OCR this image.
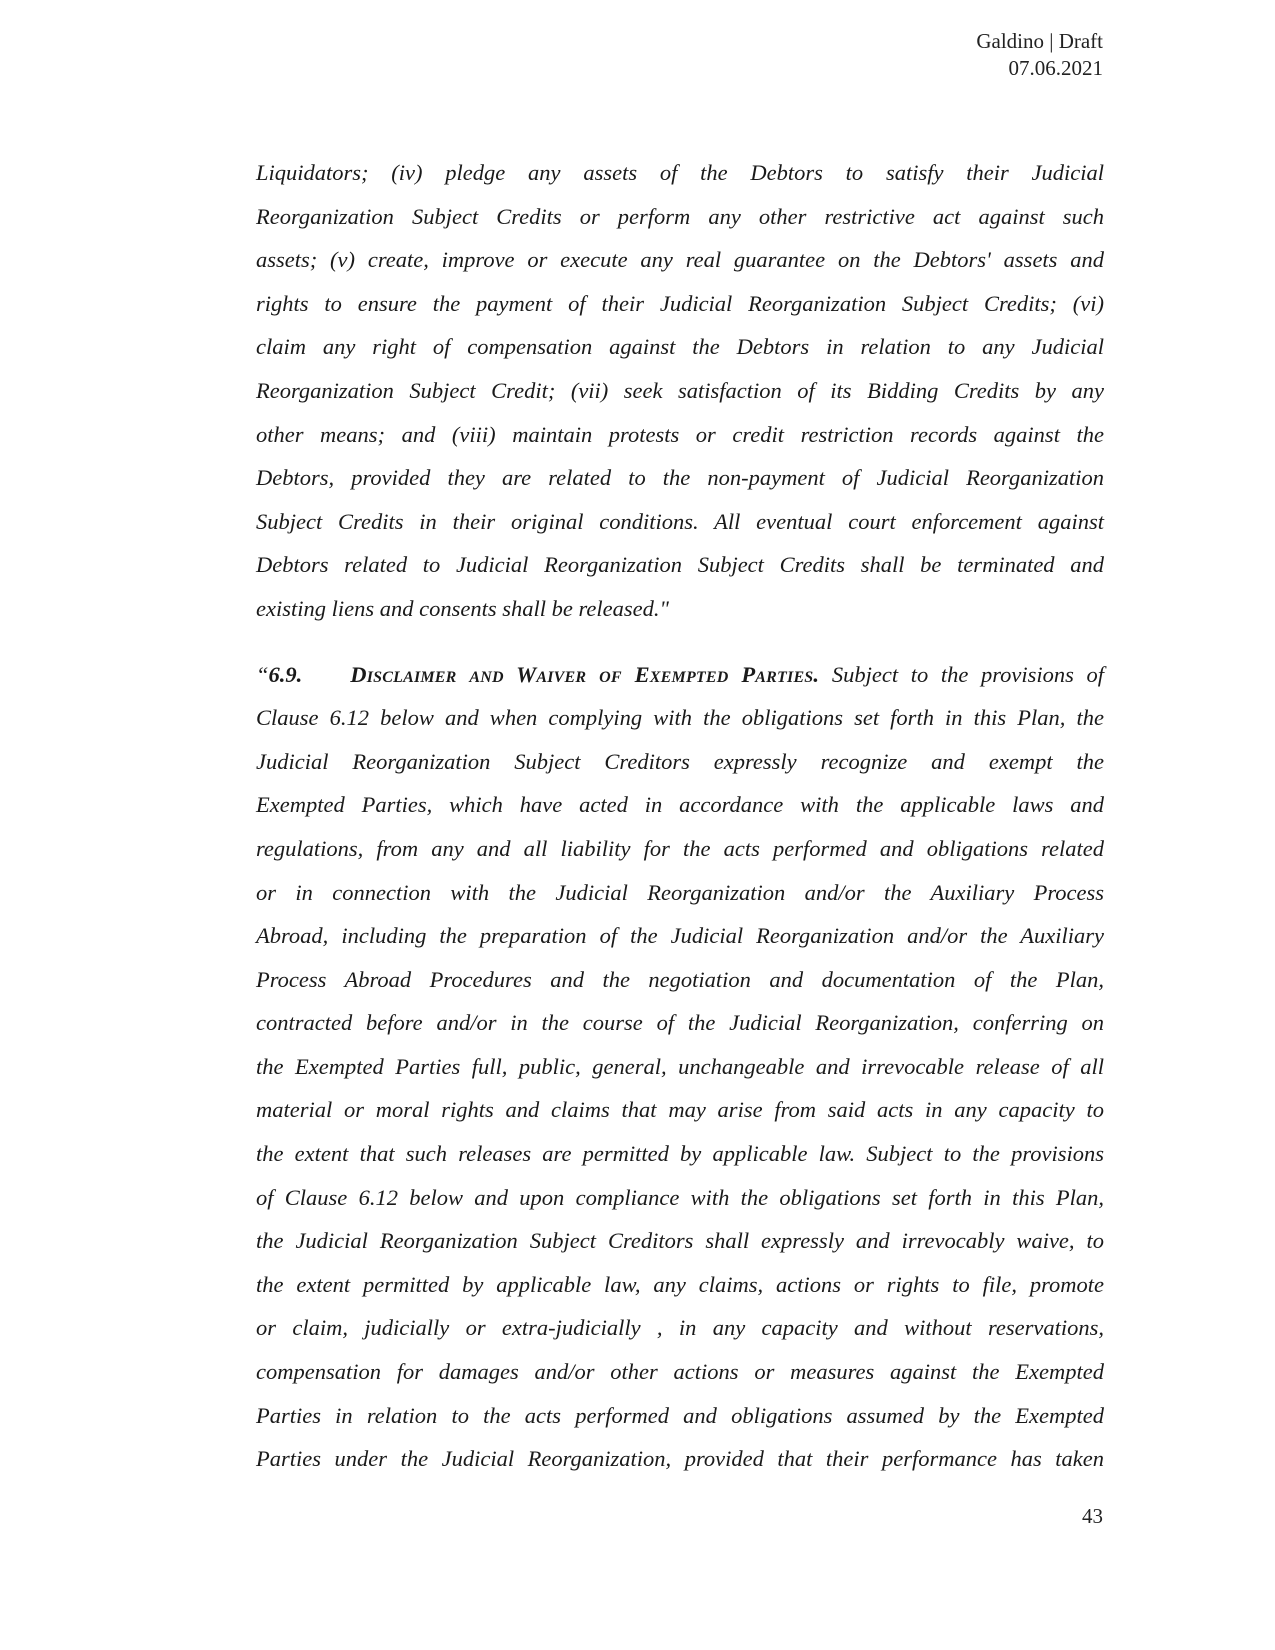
Galdino | Draft
07.06.2021
Liquidators; (iv) pledge any assets of the Debtors to satisfy their Judicial
Reorganization Subject Credits or perform any other restrictive act against such
assets; (v) create, improve or execute any real guarantee on the Debtors' assets and
rights to ensure the payment of their Judicial Reorganization Subject Credits; (vi)
claim any right of compensation against the Debtors in relation to any Judicial
Reorganization Subject Credit; (vii) seek satisfaction of its Bidding Credits by any
other means; and (viii) maintain protests or credit restriction records against the
Debtors, provided they are related to the non-payment of Judicial Reorganization
Subject Credits in their original conditions. All eventual court enforcement against
Debtors related to Judicial Reorganization Subject Credits shall be terminated and
existing liens and consents shall be released."
“6.9. Disclaimer and Waiver of Exempted Parties. Subject to the provisions of
Clause 6.12 below and when complying with the obligations set forth in this Plan, the
Judicial Reorganization Subject Creditors expressly recognize and exempt the
Exempted Parties, which have acted in accordance with the applicable laws and
regulations, from any and all liability for the acts performed and obligations related
or in connection with the Judicial Reorganization and/or the Auxiliary Process
Abroad, including the preparation of the Judicial Reorganization and/or the Auxiliary
Process Abroad Procedures and the negotiation and documentation of the Plan,
contracted before and/or in the course of the Judicial Reorganization, conferring on
the Exempted Parties full, public, general, unchangeable and irrevocable release of all
material or moral rights and claims that may arise from said acts in any capacity to
the extent that such releases are permitted by applicable law. Subject to the provisions
of Clause 6.12 below and upon compliance with the obligations set forth in this Plan,
the Judicial Reorganization Subject Creditors shall expressly and irrevocably waive, to
the extent permitted by applicable law, any claims, actions or rights to file, promote
or claim, judicially or extra-judicially , in any capacity and without reservations,
compensation for damages and/or other actions or measures against the Exempted
Parties in relation to the acts performed and obligations assumed by the Exempted
Parties under the Judicial Reorganization, provided that their performance has taken
43
